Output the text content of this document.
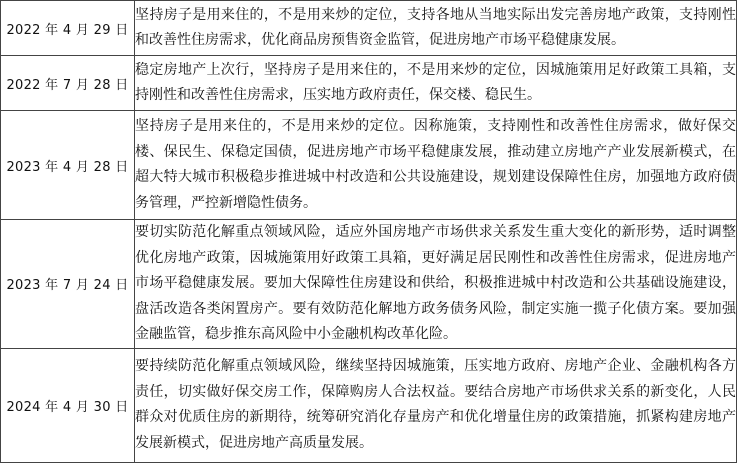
2022 年 4 月 29 日	坚持房子是用来住的，不是用来炒的定位，支持各地从当地实际出发完善房地产政策，支持刚性和改善性住房需求，优化商品房预售资金监管，促进房地产市场平稳健康发展。

2022 年 7 月 28 日	稳定房地产上次行，坚持房子是用来住的，不是用来炒的定位，因城施策用足好政策工具箱，支持刚性和改善性住房需求，压实地方政府责任，保交楼、稳民生。

2023 年 4 月 28 日	坚持房子是用来住的，不是用来炒的定位。因称施策，支持刚性和改善性住房需求，做好保交楼、保民生、保稳定国债，促进房地产市场平稳健康发展，推动建立房地产产业发展新模式，在超大特大城市积极稳步推进城中村改造和公共设施建设，规划建设保障性住房，加强地方政府债务管理，严控新增隐性债务。

2023 年 7 月 24 日	要切实防范化解重点领域风险，适应外国房地产市场供求关系发生重大变化的新形势，适时调整优化房地产政策，因城施策用好政策工具箱，更好满足居民刚性和改善性住房需求，促进房地产市场平稳健康发展。要加大保障性住房建设和供给，积极推进城中村改造和公共基础设施建设，盘活改造各类闲置房产。要有效防范化解地方政务债务风险，制定实施一揽子化债方案。要加强金融监管，稳步推东高风险中小金融机构改革化险。

2024 年 4 月 30 日	要持续防范化解重点领域风险，继续坚持因城施策，压实地方政府、房地产企业、金融机构各方责任，切实做好保交房工作，保障购房人合法权益。要结合房地产市场供求关系的新变化，人民群众对优质住房的新期待，统筹研究消化存量房产和优化增量住房的政策措施，抓紧构建房地产发展新模式，促进房地产高质量发展。
